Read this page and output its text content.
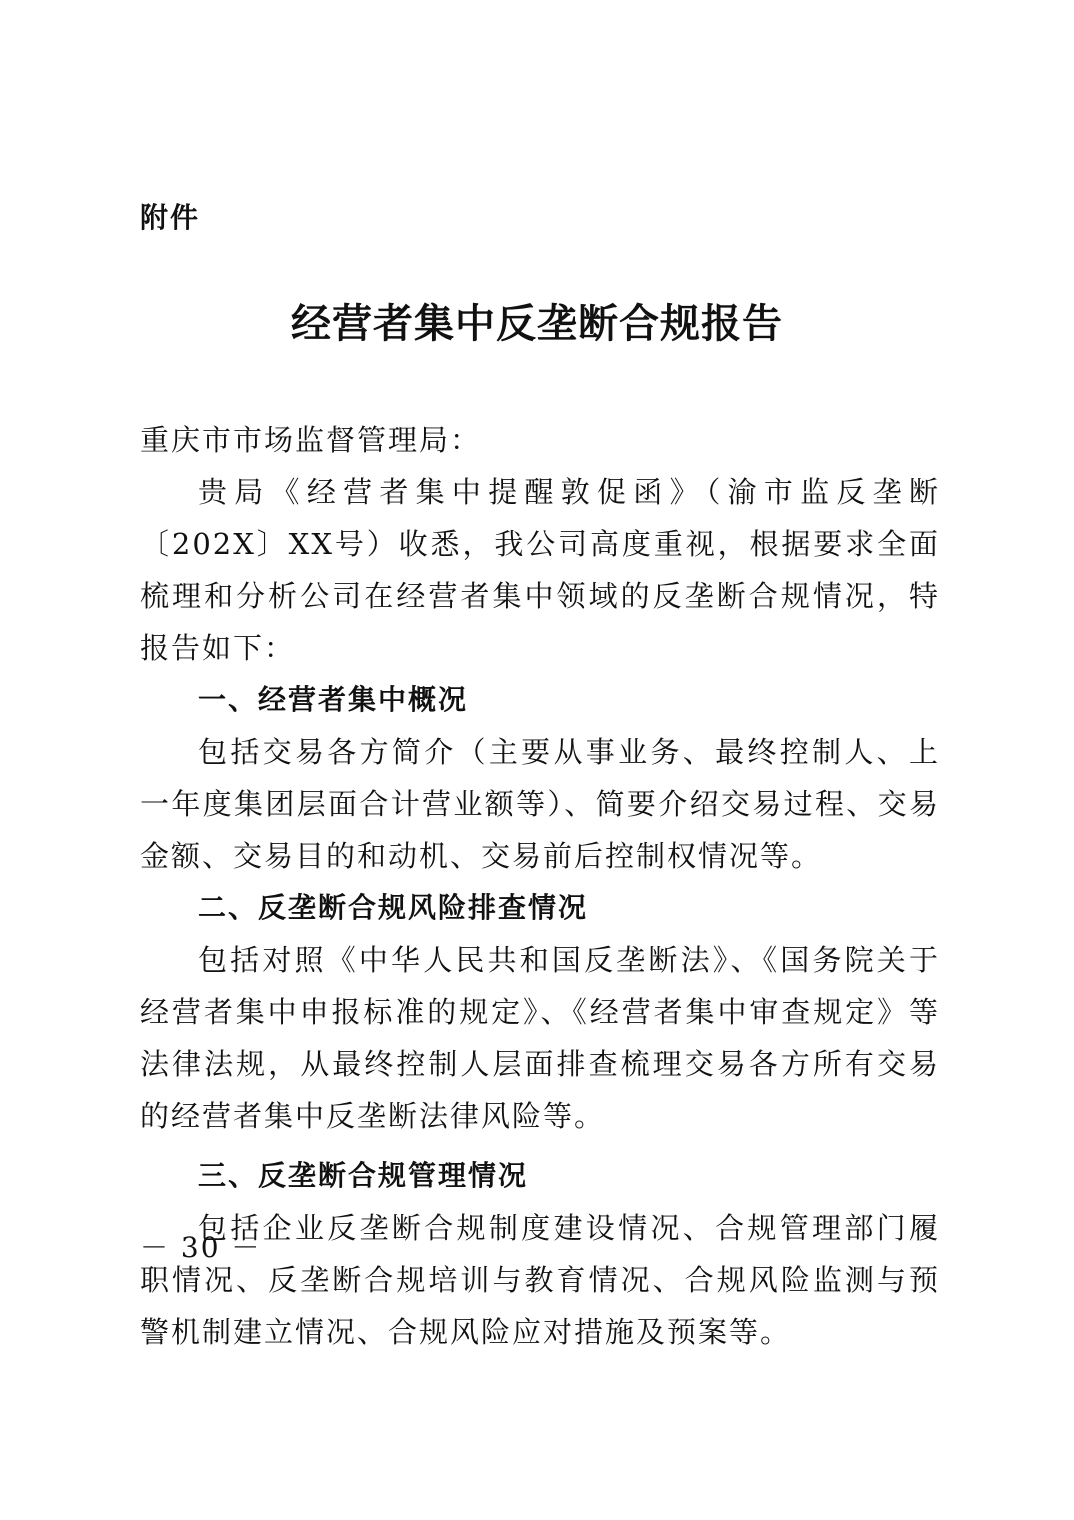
附件
经营者集中反垄断合规报告

重庆市市场监督管理局：

贵局《经营者集中提醒敦促函》（渝市监反垄断〔202X〕XX号）收悉，我公司高度重视，根据要求全面梳理和分析公司在经营者集中领域的反垄断合规情况，特报告如下：

一、经营者集中概况

包括交易各方简介（主要从事业务、最终控制人、上一年度集团层面合计营业额等）、简要介绍交易过程、交易金额、交易目的和动机、交易前后控制权情况等。

二、反垄断合规风险排查情况

包括对照《中华人民共和国反垄断法》、《国务院关于经营者集中申报标准的规定》、《经营者集中审查规定》等法律法规，从最终控制人层面排查梳理交易各方所有交易的经营者集中反垄断法律风险等。

三、反垄断合规管理情况

包括企业反垄断合规制度建设情况、合规管理部门履职情况、反垄断合规培训与教育情况、合规风险监测与预警机制建立情况、合规风险应对措施及预案等。

－ 30 －
